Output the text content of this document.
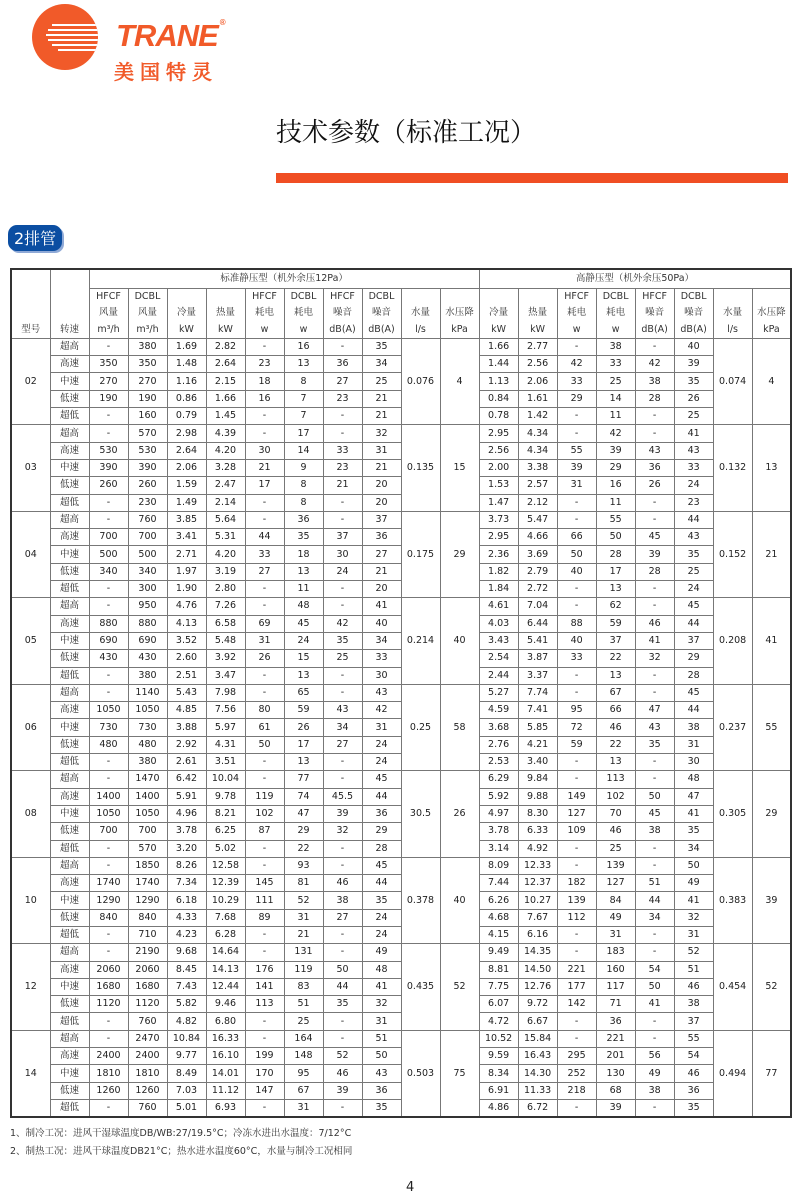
TRANE ®
美国特灵
技术参数（标准工况）
2排管
型号	转速	标准静压型（机外余压12Pa）										高静压型（机外余压50Pa）							
		HFCF	DCBL			HFCF	DCBL	HFCF	DCBL					HFCF	DCBL	HFCF	DCBL		
		风量	风量	冷量	热量	耗电	耗电	噪音	噪音	水量	水压降	冷量	热量	耗电	耗电	噪音	噪音	水量	水压降
		m³/h	m³/h	kW	kW	w	w	dB(A)	dB(A)	l/s	kPa	kW	kW	w	w	dB(A)	dB(A)	l/s	kPa
02	超高	-	380	1.69	2.82	-	16	-	35	0.076	4	1.66	2.77	-	38	-	40	0.074	4
	高速	350	350	1.48	2.64	23	13	36	34			1.44	2.56	42	33	42	39		
	中速	270	270	1.16	2.15	18	8	27	25			1.13	2.06	33	25	38	35		
	低速	190	190	0.86	1.66	16	7	23	21			0.84	1.61	29	14	28	26		
	超低	-	160	0.79	1.45	-	7	-	21			0.78	1.42	-	11	-	25		
03	超高	-	570	2.98	4.39	-	17	-	32	0.135	15	2.95	4.34	-	42	-	41	0.132	13
	高速	530	530	2.64	4.20	30	14	33	31			2.56	4.34	55	39	43	43		
	中速	390	390	2.06	3.28	21	9	23	21			2.00	3.38	39	29	36	33		
	低速	260	260	1.59	2.47	17	8	21	20			1.53	2.57	31	16	26	24		
	超低	-	230	1.49	2.14	-	8	-	20			1.47	2.12	-	11	-	23		
04	超高	-	760	3.85	5.64	-	36	-	37	0.175	29	3.73	5.47	-	55	-	44	0.152	21
	高速	700	700	3.41	5.31	44	35	37	36			2.95	4.66	66	50	45	43		
	中速	500	500	2.71	4.20	33	18	30	27			2.36	3.69	50	28	39	35		
	低速	340	340	1.97	3.19	27	13	24	21			1.82	2.79	40	17	28	25		
	超低	-	300	1.90	2.80	-	11	-	20			1.84	2.72	-	13	-	24		
05	超高	-	950	4.76	7.26	-	48	-	41	0.214	40	4.61	7.04	-	62	-	45	0.208	41
	高速	880	880	4.13	6.58	69	45	42	40			4.03	6.44	88	59	46	44		
	中速	690	690	3.52	5.48	31	24	35	34			3.43	5.41	40	37	41	37		
	低速	430	430	2.60	3.92	26	15	25	33			2.54	3.87	33	22	32	29		
	超低	-	380	2.51	3.47	-	13	-	30			2.44	3.37	-	13	-	28		
06	超高	-	1140	5.43	7.98	-	65	-	43	0.25	58	5.27	7.74	-	67	-	45	0.237	55
	高速	1050	1050	4.85	7.56	80	59	43	42			4.59	7.41	95	66	47	44		
	中速	730	730	3.88	5.97	61	26	34	31			3.68	5.85	72	46	43	38		
	低速	480	480	2.92	4.31	50	17	27	24			2.76	4.21	59	22	35	31		
	超低	-	380	2.61	3.51	-	13	-	24			2.53	3.40	-	13	-	30		
08	超高	-	1470	6.42	10.04	-	77	-	45	30.5	26	6.29	9.84	-	113	-	48	0.305	29
	高速	1400	1400	5.91	9.78	119	74	45.5	44			5.92	9.88	149	102	50	47		
	中速	1050	1050	4.96	8.21	102	47	39	36			4.97	8.30	127	70	45	41		
	低速	700	700	3.78	6.25	87	29	32	29			3.78	6.33	109	46	38	35		
	超低	-	570	3.20	5.02	-	22	-	28			3.14	4.92	-	25	-	34		
10	超高	-	1850	8.26	12.58	-	93	-	45	0.378	40	8.09	12.33	-	139	-	50	0.383	39
	高速	1740	1740	7.34	12.39	145	81	46	44			7.44	12.37	182	127	51	49		
	中速	1290	1290	6.18	10.29	111	52	38	35			6.26	10.27	139	84	44	41		
	低速	840	840	4.33	7.68	89	31	27	24			4.68	7.67	112	49	34	32		
	超低	-	710	4.23	6.28	-	21	-	24			4.15	6.16	-	31	-	31		
12	超高	-	2190	9.68	14.64	-	131	-	49	0.435	52	9.49	14.35	-	183	-	52	0.454	52
	高速	2060	2060	8.45	14.13	176	119	50	48			8.81	14.50	221	160	54	51		
	中速	1680	1680	7.43	12.44	141	83	44	41			7.75	12.76	177	117	50	46		
	低速	1120	1120	5.82	9.46	113	51	35	32			6.07	9.72	142	71	41	38		
	超低	-	760	4.82	6.80	-	25	-	31			4.72	6.67	-	36	-	37		
14	超高	-	2470	10.84	16.33	-	164	-	51	0.503	75	10.52	15.84	-	221	-	55	0.494	77
	高速	2400	2400	9.77	16.10	199	148	52	50			9.59	16.43	295	201	56	54		
	中速	1810	1810	8.49	14.01	170	95	46	43			8.34	14.30	252	130	49	46		
	低速	1260	1260	7.03	11.12	147	67	39	36			6.91	11.33	218	68	38	36		
	超低	-	760	5.01	6.93	-	31	-	35			4.86	6.72	-	39	-	35		
1、制冷工况：进风干湿球温度DB/WB:27/19.5°C；冷冻水进出水温度：7/12°C
2、制热工况：进风干球温度DB21°C；热水进水温度60°C，水量与制冷工况相同
4
